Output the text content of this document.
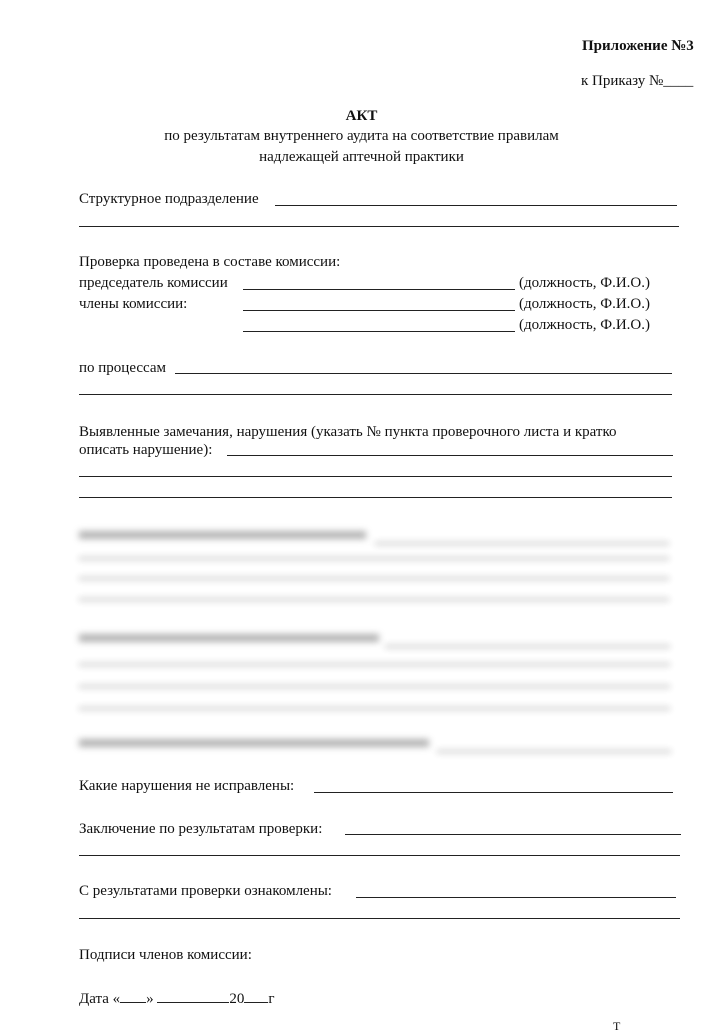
Приложение №3
к Приказу №____
АКТ
по результатам внутреннего аудита на соответствие правилам
надлежащей аптечной практики
Структурное подразделение
Проверка проведена в составе комиссии:
председатель комиссии	(должность, Ф.И.О.)
члены комиссии:	(должность, Ф.И.О.)
(должность, Ф.И.О.)
по процессам
Выявленные замечания, нарушения (указать № пункта проверочного листа и кратко
описать нарушение):
Какие нарушения не исправлены:
Заключение по результатам проверки:
С результатами проверки ознакомлены:
Подписи членов комиссии:
Дата « »	20 г
Т
